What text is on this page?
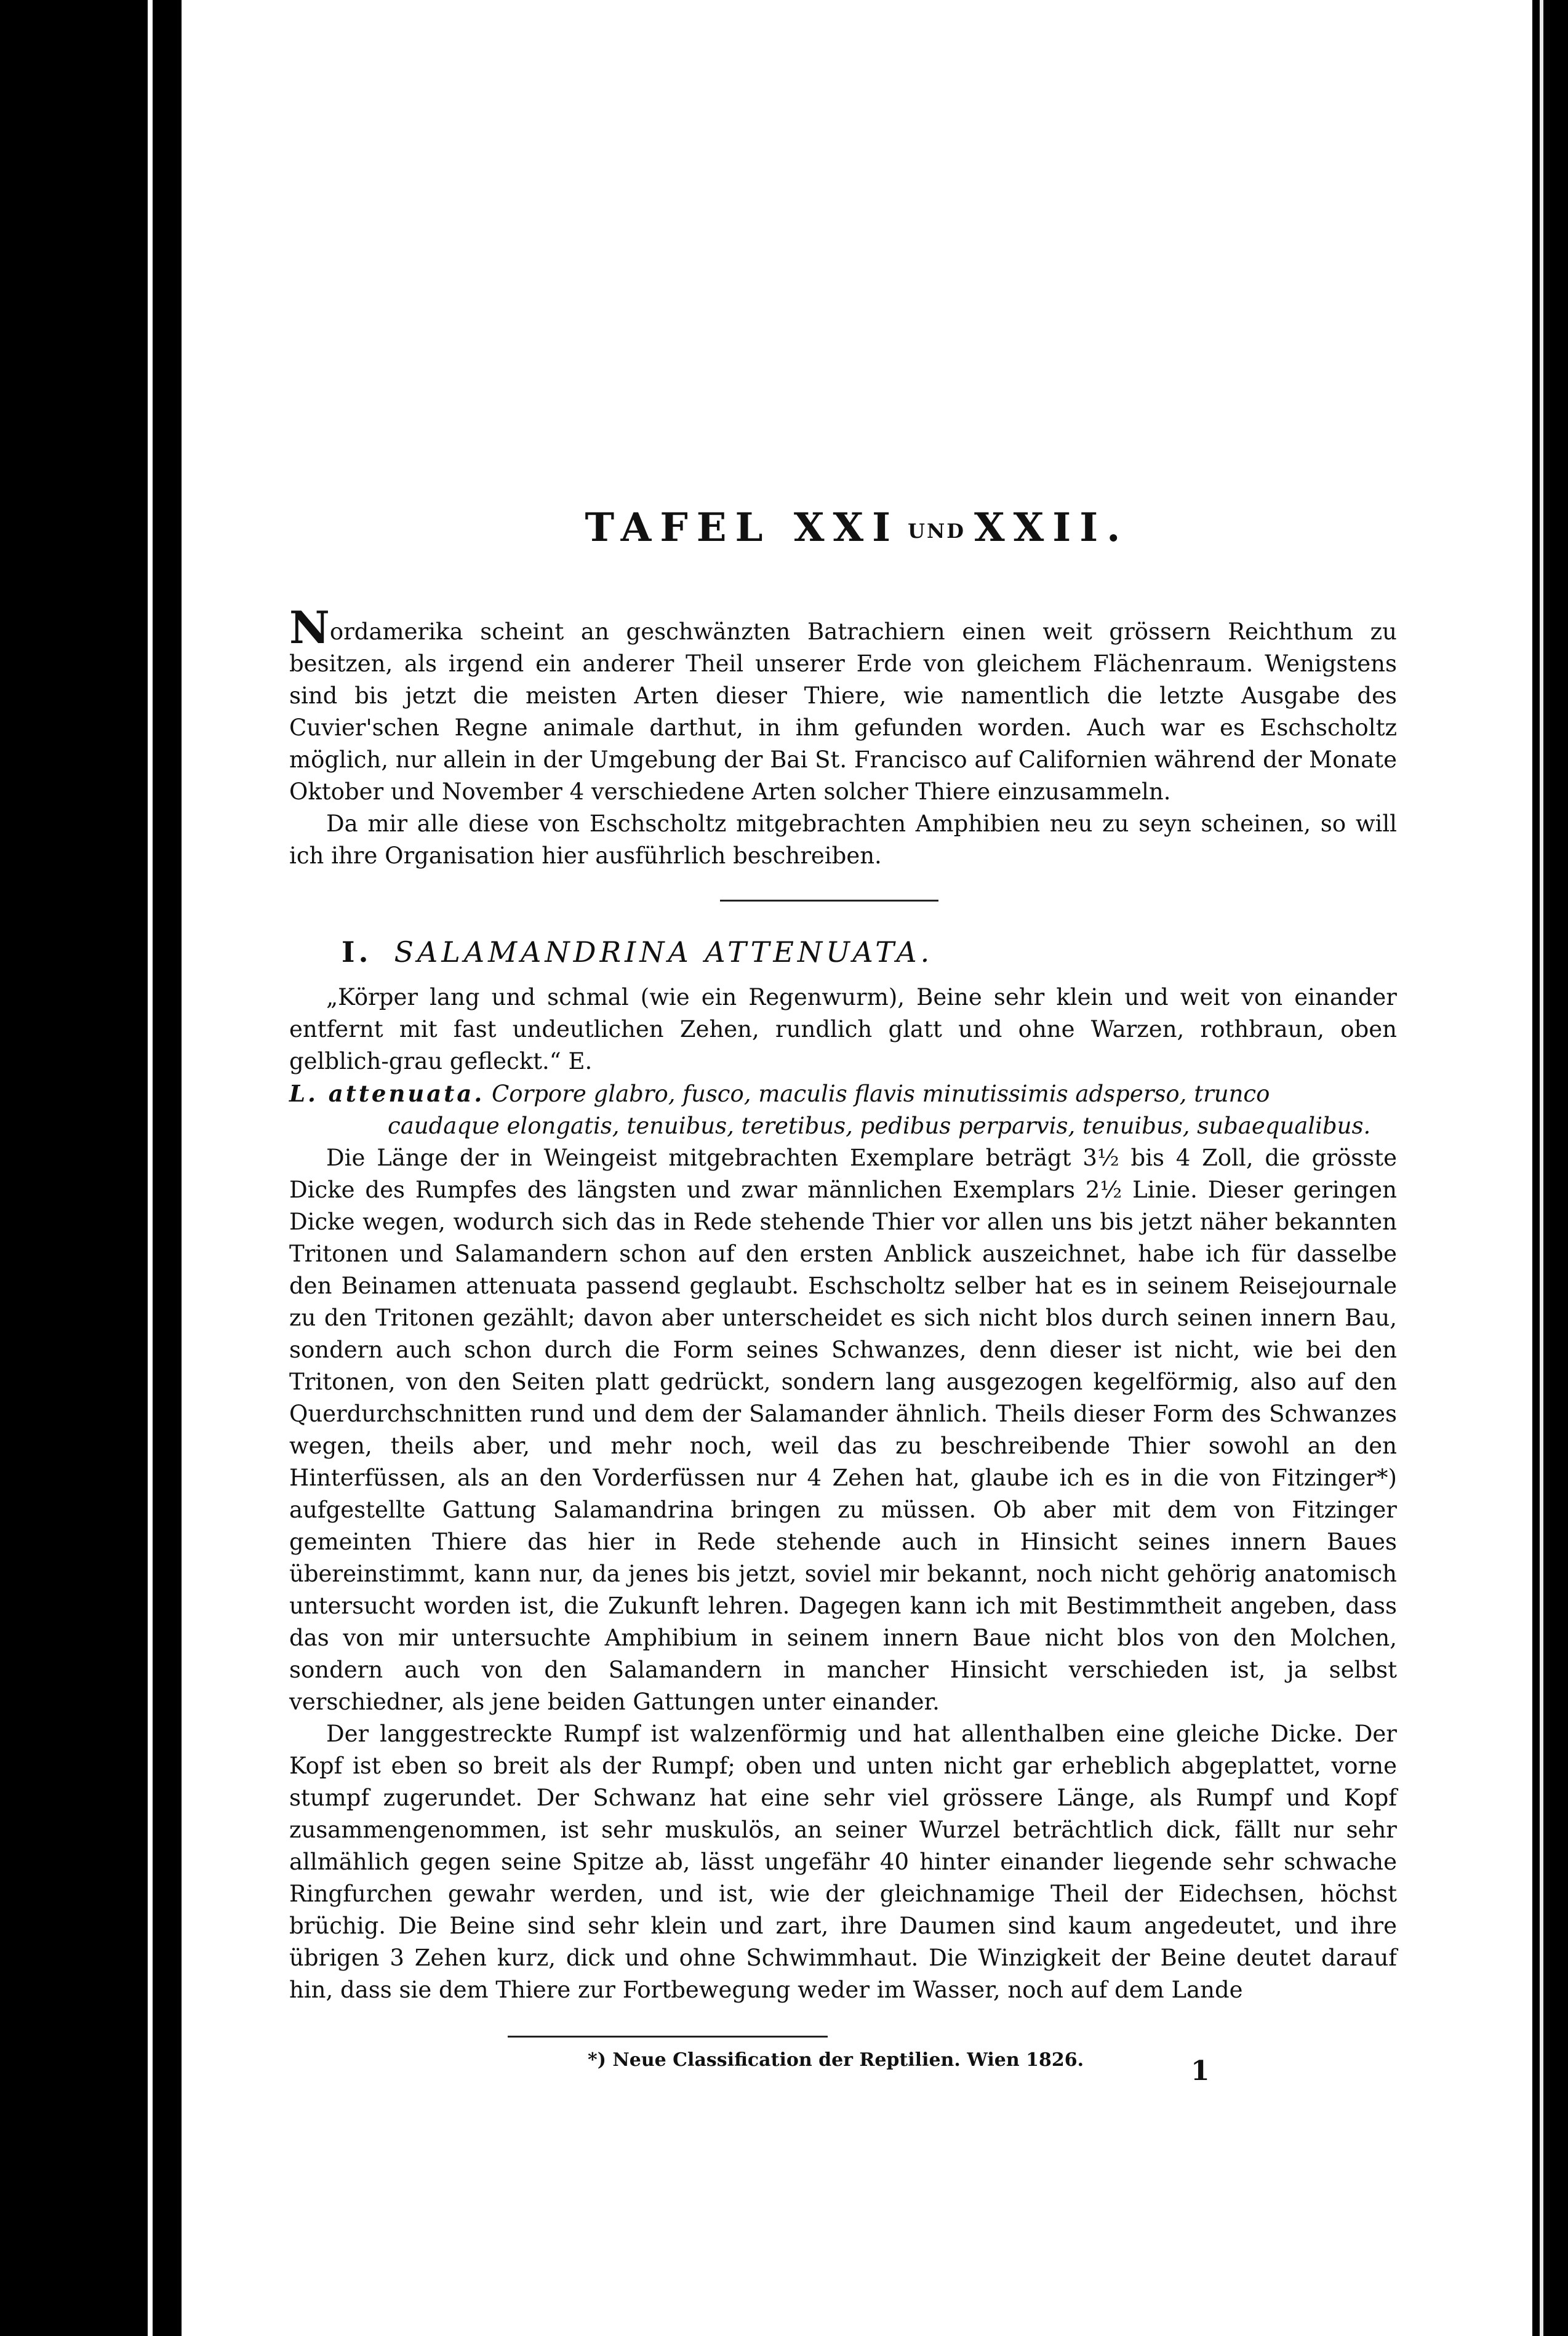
TAFEL XXI UND XXII.

Nordamerika scheint an geschwänzten Batrachiern einen weit grössern Reichthum zu besitzen, als irgend ein anderer Theil unserer Erde von gleichem Flächenraum. Wenigstens sind bis jetzt die meisten Arten dieser Thiere, wie namentlich die letzte Ausgabe des Cuvier'schen Regne animale darthut, in ihm gefunden worden. Auch war es Eschscholtz möglich, nur allein in der Umgebung der Bai St. Francisco auf Californien während der Monate Oktober und November 4 verschiedene Arten solcher Thiere einzusammeln.

Da mir alle diese von Eschscholtz mitgebrachten Amphibien neu zu seyn scheinen, so will ich ihre Organisation hier ausführlich beschreiben.

I. SALAMANDRINA ATTENUATA.

„Körper lang und schmal (wie ein Regenwurm), Beine sehr klein und weit von einander entfernt mit fast undeutlichen Zehen, rundlich glatt und ohne Warzen, rothbraun, oben gelblich-grau gefleckt.“ E.

L. attenuata. Corpore glabro, fusco, maculis flavis minutissimis adsperso, trunco
caudaque elongatis, tenuibus, teretibus, pedibus perparvis, tenuibus, subaequalibus.

Die Länge der in Weingeist mitgebrachten Exemplare beträgt 3½ bis 4 Zoll, die grösste Dicke des Rumpfes des längsten und zwar männlichen Exemplars 2½ Linie. Dieser geringen Dicke wegen, wodurch sich das in Rede stehende Thier vor allen uns bis jetzt näher bekannten Tritonen und Salamandern schon auf den ersten Anblick auszeichnet, habe ich für dasselbe den Beinamen attenuata passend geglaubt. Eschscholtz selber hat es in seinem Reisejournale zu den Tritonen gezählt; davon aber unterscheidet es sich nicht blos durch seinen innern Bau, sondern auch schon durch die Form seines Schwanzes, denn dieser ist nicht, wie bei den Tritonen, von den Seiten platt gedrückt, sondern lang ausgezogen kegelförmig, also auf den Querdurchschnitten rund und dem der Salamander ähnlich. Theils dieser Form des Schwanzes wegen, theils aber, und mehr noch, weil das zu beschreibende Thier sowohl an den Hinterfüssen, als an den Vorderfüssen nur 4 Zehen hat, glaube ich es in die von Fitzinger*) aufgestellte Gattung Salamandrina bringen zu müssen. Ob aber mit dem von Fitzinger gemeinten Thiere das hier in Rede stehende auch in Hinsicht seines innern Baues übereinstimmt, kann nur, da jenes bis jetzt, soviel mir bekannt, noch nicht gehörig anatomisch untersucht worden ist, die Zukunft lehren. Dagegen kann ich mit Bestimmtheit angeben, dass das von mir untersuchte Amphibium in seinem innern Baue nicht blos von den Molchen, sondern auch von den Salamandern in mancher Hinsicht verschieden ist, ja selbst verschiedner, als jene beiden Gattungen unter einander.

Der langgestreckte Rumpf ist walzenförmig und hat allenthalben eine gleiche Dicke. Der Kopf ist eben so breit als der Rumpf; oben und unten nicht gar erheblich abgeplattet, vorne stumpf zugerundet. Der Schwanz hat eine sehr viel grössere Länge, als Rumpf und Kopf zusammengenommen, ist sehr muskulös, an seiner Wurzel beträchtlich dick, fällt nur sehr allmählich gegen seine Spitze ab, lässt ungefähr 40 hinter einander liegende sehr schwache Ringfurchen gewahr werden, und ist, wie der gleichnamige Theil der Eidechsen, höchst brüchig. Die Beine sind sehr klein und zart, ihre Daumen sind kaum angedeutet, und ihre übrigen 3 Zehen kurz, dick und ohne Schwimmhaut. Die Winzigkeit der Beine deutet darauf hin, dass sie dem Thiere zur Fortbewegung weder im Wasser, noch auf dem Lande

*) Neue Classification der Reptilien. Wien 1826.	1
